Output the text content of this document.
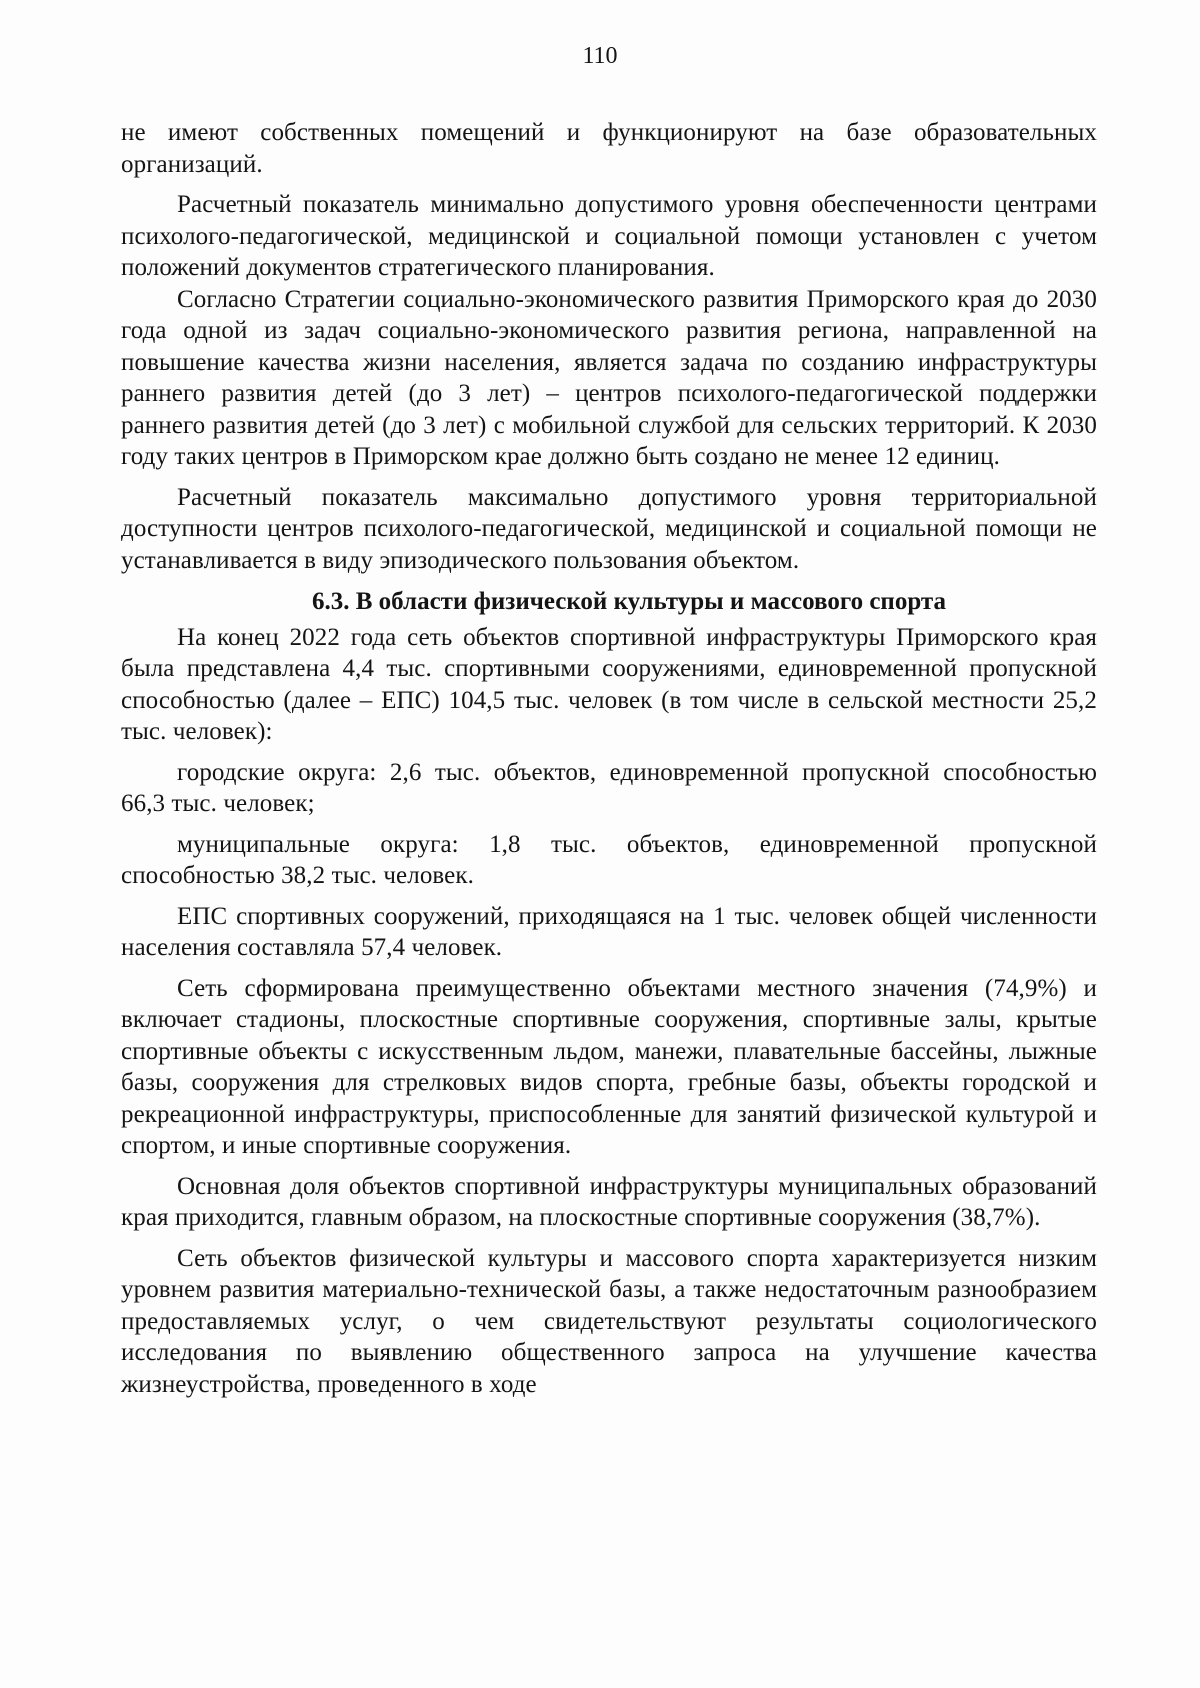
110

не имеют собственных помещений и функционируют на базе образовательных организаций.

Расчетный показатель минимально допустимого уровня обеспеченности центрами психолого-педагогической, медицинской и социальной помощи установлен с учетом положений документов стратегического планирования.

Согласно Стратегии социально-экономического развития Приморского края до 2030 года одной из задач социально-экономического развития региона, направленной на повышение качества жизни населения, является задача по созданию инфраструктуры раннего развития детей (до 3 лет) – центров психолого-педагогической поддержки раннего развития детей (до 3 лет) с мобильной службой для сельских территорий. К 2030 году таких центров в Приморском крае должно быть создано не менее 12 единиц.

Расчетный показатель максимально допустимого уровня территориальной доступности центров психолого-педагогической, медицинской и социальной помощи не устанавливается в виду эпизодического пользования объектом.

6.3. В области физической культуры и массового спорта

На конец 2022 года сеть объектов спортивной инфраструктуры Приморского края была представлена 4,4 тыс. спортивными сооружениями, единовременной пропускной способностью (далее – ЕПС) 104,5 тыс. человек (в том числе в сельской местности 25,2 тыс. человек):

городские округа: 2,6 тыс. объектов, единовременной пропускной способностью 66,3 тыс. человек;

муниципальные округа: 1,8 тыс. объектов, единовременной пропускной способностью 38,2 тыс. человек.

ЕПС спортивных сооружений, приходящаяся на 1 тыс. человек общей численности населения составляла 57,4 человек.

Сеть сформирована преимущественно объектами местного значения (74,9%) и включает стадионы, плоскостные спортивные сооружения, спортивные залы, крытые спортивные объекты с искусственным льдом, манежи, плавательные бассейны, лыжные базы, сооружения для стрелковых видов спорта, гребные базы, объекты городской и рекреационной инфраструктуры, приспособленные для занятий физической культурой и спортом, и иные спортивные сооружения.

Основная доля объектов спортивной инфраструктуры муниципальных образований края приходится, главным образом, на плоскостные спортивные сооружения (38,7%).

Сеть объектов физической культуры и массового спорта характеризуется низким уровнем развития материально-технической базы, а также недостаточным разнообразием предоставляемых услуг, о чем свидетельствуют результаты социологического исследования по выявлению общественного запроса на улучшение качества жизнеустройства, проведенного в ходе
